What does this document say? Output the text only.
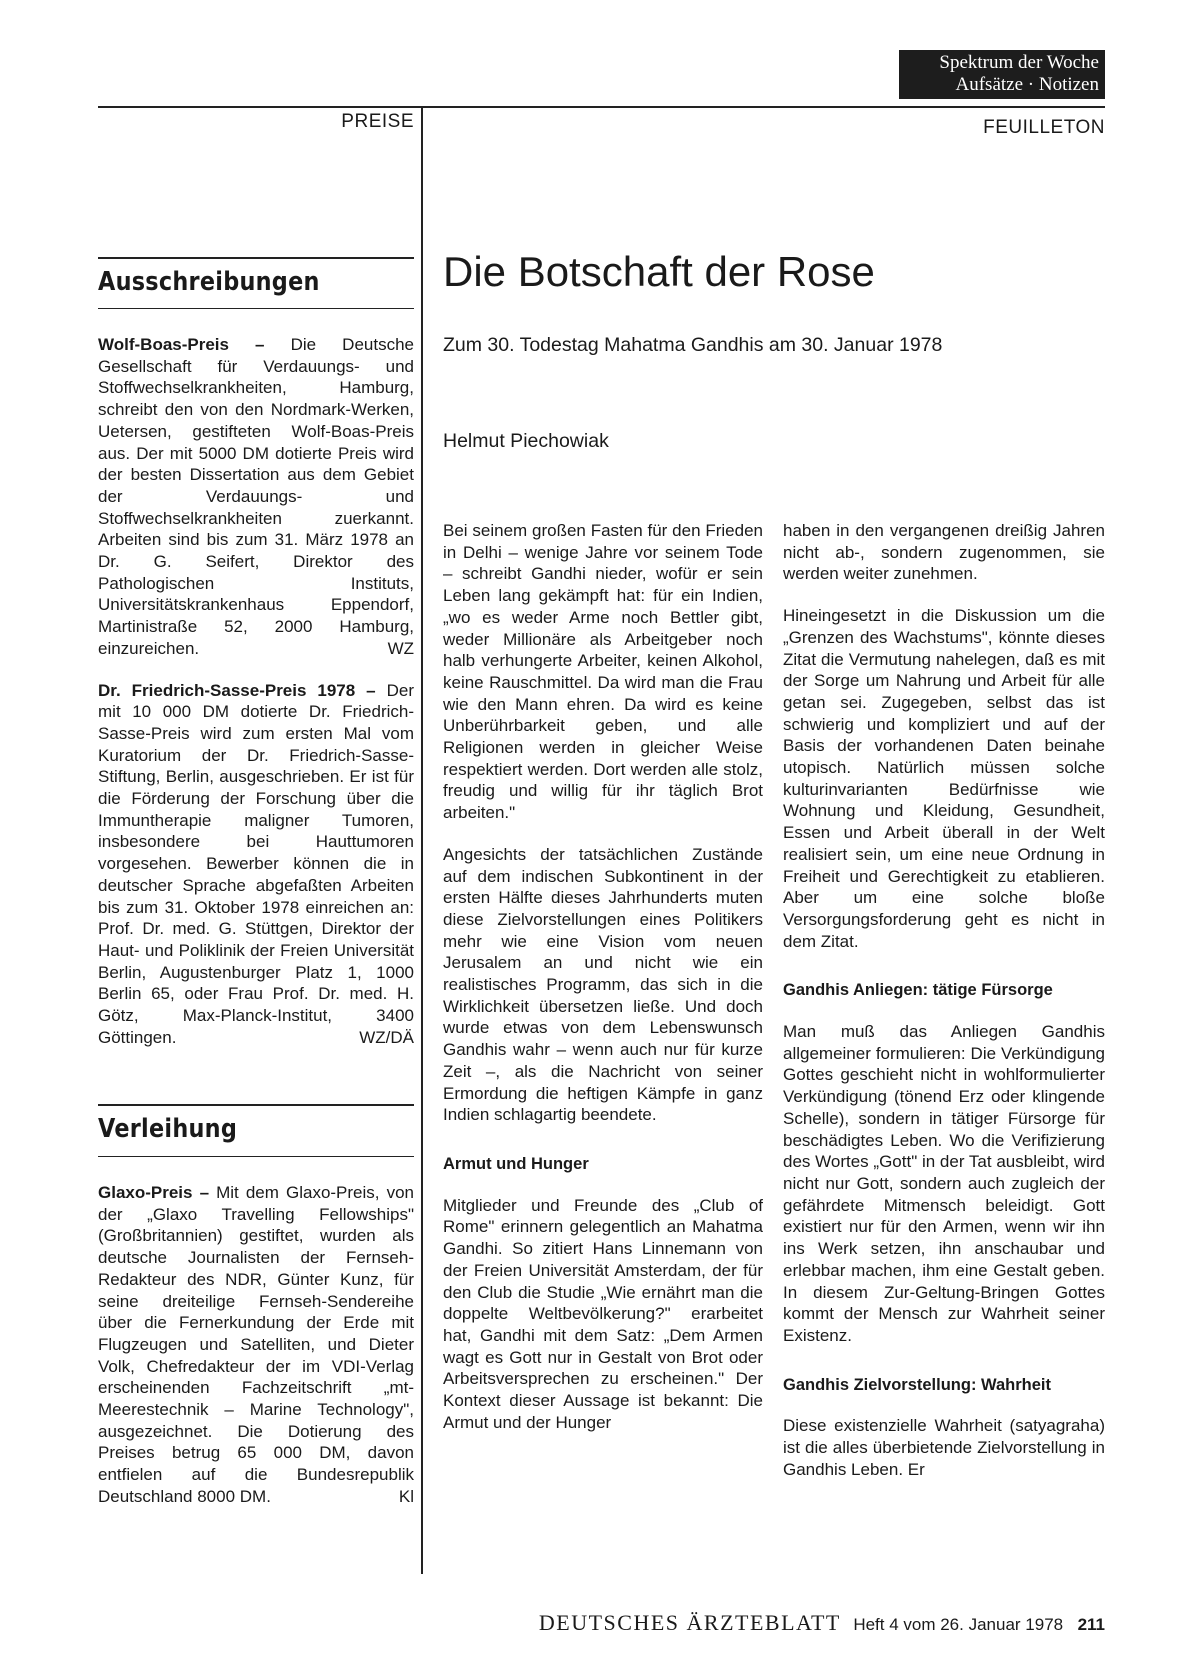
Spektrum der Woche
Aufsätze · Notizen
PREISE	FEUILLETON
Ausschreibungen

Wolf-Boas-Preis – Die Deutsche Gesellschaft für Verdauungs- und Stoffwechselkrankheiten, Hamburg, schreibt den von den Nordmark-Werken, Uetersen, gestifteten Wolf-Boas-Preis aus. Der mit 5000 DM dotierte Preis wird der besten Dissertation aus dem Gebiet der Verdauungs- und Stoffwechselkrankheiten zuerkannt. Arbeiten sind bis zum 31. März 1978 an Dr. G. Seifert, Direktor des Pathologischen Instituts, Universitätskrankenhaus Eppendorf, Martinistraße 52, 2000 Hamburg, einzureichen.	WZ

Dr. Friedrich-Sasse-Preis 1978 – Der mit 10 000 DM dotierte Dr. Friedrich-Sasse-Preis wird zum ersten Mal vom Kuratorium der Dr. Friedrich-Sasse-Stiftung, Berlin, ausgeschrieben. Er ist für die Förderung der Forschung über die Immuntherapie maligner Tumoren, insbesondere bei Hauttumoren vorgesehen. Bewerber können die in deutscher Sprache abgefaßten Arbeiten bis zum 31. Oktober 1978 einreichen an: Prof. Dr. med. G. Stüttgen, Direktor der Haut- und Poliklinik der Freien Universität Berlin, Augustenburger Platz 1, 1000 Berlin 65, oder Frau Prof. Dr. med. H. Götz, Max-Planck-Institut, 3400 Göttingen.	WZ/DÄ

Verleihung

Glaxo-Preis – Mit dem Glaxo-Preis, von der „Glaxo Travelling Fellowships" (Großbritannien) gestiftet, wurden als deutsche Journalisten der Fernseh-Redakteur des NDR, Günter Kunz, für seine dreiteilige Fernseh-Sendereihe über die Fernerkundung der Erde mit Flugzeugen und Satelliten, und Dieter Volk, Chefredakteur der im VDI-Verlag erscheinenden Fachzeitschrift „mt-Meerestechnik – Marine Technology", ausgezeichnet. Die Dotierung des Preises betrug 65 000 DM, davon entfielen auf die Bundesrepublik Deutschland 8000 DM.	Kl

Die Botschaft der Rose
Zum 30. Todestag Mahatma Gandhis am 30. Januar 1978
Helmut Piechowiak

Bei seinem großen Fasten für den Frieden in Delhi – wenige Jahre vor seinem Tode – schreibt Gandhi nieder, wofür er sein Leben lang gekämpft hat: für ein Indien, „wo es weder Arme noch Bettler gibt, weder Millionäre als Arbeitgeber noch halb verhungerte Arbeiter, keinen Alkohol, keine Rauschmittel. Da wird man die Frau wie den Mann ehren. Da wird es keine Unberührbarkeit geben, und alle Religionen werden in gleicher Weise respektiert werden. Dort werden alle stolz, freudig und willig für ihr täglich Brot arbeiten."

Angesichts der tatsächlichen Zustände auf dem indischen Subkontinent in der ersten Hälfte dieses Jahrhunderts muten diese Zielvorstellungen eines Politikers mehr wie eine Vision vom neuen Jerusalem an und nicht wie ein realistisches Programm, das sich in die Wirklichkeit übersetzen ließe. Und doch wurde etwas von dem Lebenswunsch Gandhis wahr – wenn auch nur für kurze Zeit –, als die Nachricht von seiner Ermordung die heftigen Kämpfe in ganz Indien schlagartig beendete.

Armut und Hunger

Mitglieder und Freunde des „Club of Rome" erinnern gelegentlich an Mahatma Gandhi. So zitiert Hans Linnemann von der Freien Universität Amsterdam, der für den Club die Studie „Wie ernährt man die doppelte Weltbevölkerung?" erarbeitet hat, Gandhi mit dem Satz: „Dem Armen wagt es Gott nur in Gestalt von Brot oder Arbeitsversprechen zu erscheinen." Der Kontext dieser Aussage ist bekannt: Die Armut und der Hunger

haben in den vergangenen dreißig Jahren nicht ab-, sondern zugenommen, sie werden weiter zunehmen.

Hineingesetzt in die Diskussion um die „Grenzen des Wachstums", könnte dieses Zitat die Vermutung nahelegen, daß es mit der Sorge um Nahrung und Arbeit für alle getan sei. Zugegeben, selbst das ist schwierig und kompliziert und auf der Basis der vorhandenen Daten beinahe utopisch. Natürlich müssen solche kulturinvarianten Bedürfnisse wie Wohnung und Kleidung, Gesundheit, Essen und Arbeit überall in der Welt realisiert sein, um eine neue Ordnung in Freiheit und Gerechtigkeit zu etablieren. Aber um eine solche bloße Versorgungsforderung geht es nicht in dem Zitat.

Gandhis Anliegen: tätige Fürsorge

Man muß das Anliegen Gandhis allgemeiner formulieren: Die Verkündigung Gottes geschieht nicht in wohlformulierter Verkündigung (tönend Erz oder klingende Schelle), sondern in tätiger Fürsorge für beschädigtes Leben. Wo die Verifizierung des Wortes „Gott" in der Tat ausbleibt, wird nicht nur Gott, sondern auch zugleich der gefährdete Mitmensch beleidigt. Gott existiert nur für den Armen, wenn wir ihn ins Werk setzen, ihn anschaubar und erlebbar machen, ihm eine Gestalt geben. In diesem Zur-Geltung-Bringen Gottes kommt der Mensch zur Wahrheit seiner Existenz.

Gandhis Zielvorstellung: Wahrheit

Diese existenzielle Wahrheit (satyagraha) ist die alles überbietende Zielvorstellung in Gandhis Leben. Er

DEUTSCHES ÄRZTEBLATT Heft 4 vom 26. Januar 1978 211
